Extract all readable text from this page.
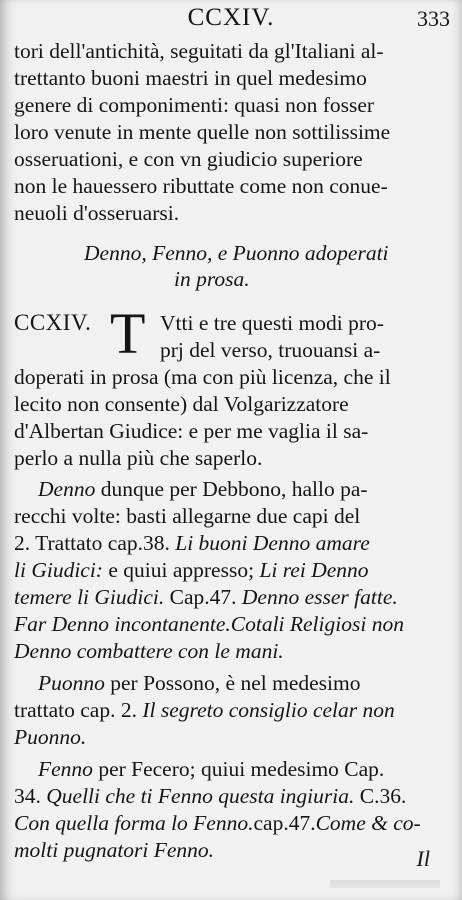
CCXIV.	333
tori dell'antichità, seguitati da gl'Italiani al-
trettanto buoni maestri in quel medesimo
genere di componimenti: quasi non fosser
loro venute in mente quelle non sottilissime
osseruationi, e con vn giudicio superiore
non le hauessero ributtate come non conue-
neuoli d'osseruarsi.
Denno, Fenno, e Puonno adoperati
in prosa.
CCXIV. T Vtti e tre questi modi pro-
prj del verso, truouansi a-
doperati in prosa (ma con più licenza, che il
lecito non consente) dal Volgarizzatore
d'Albertan Giudice: e per me vaglia il sa-
perlo a nulla più che saperlo.
Denno dunque per Debbono, hallo pa-
recchi volte: basti allegarne due capi del
2. Trattato cap.38. Li buoni Denno amare
li Giudici: e quiui appresso; Li rei Denno
temere li Giudici. Cap.47. Denno esser fatte.
Far Denno incontanente.Cotali Religiosi non
Denno combattere con le mani.
Puonno per Possono, è nel medesimo
trattato cap. 2. Il segreto consiglio celar non
Puonno.
Fenno per Fecero; quiui medesimo Cap.
34. Quelli che ti Fenno questa ingiuria. C.36.
Con quella forma lo Fenno.cap.47.Come & co-
molti pugnatori Fenno.	Il
